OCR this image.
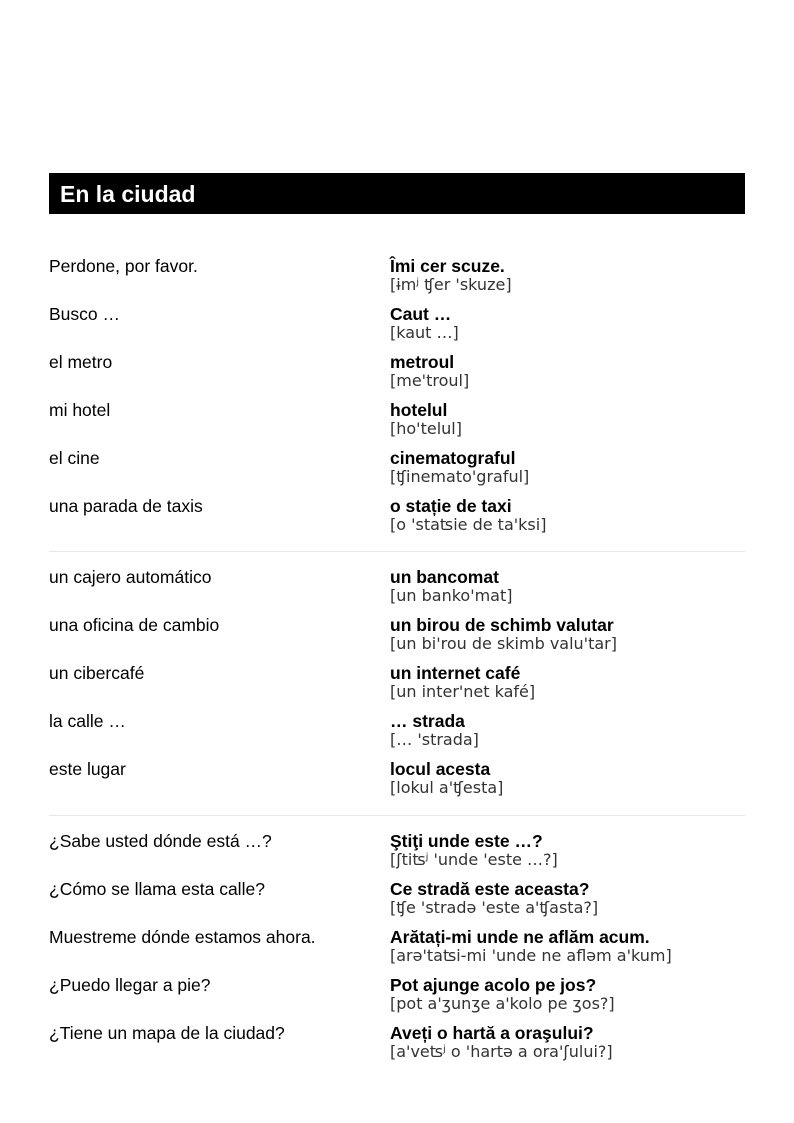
En la ciudad
Perdone, por favor.	Îmi cer scuze.
[ɨmʲ ʧer 'skuze]
Busco …	Caut …
[kaut …]
el metro	metroul
[me'troul]
mi hotel	hotelul
[ho'telul]
el cine	cinematograful
[ʧinemato'graful]
una parada de taxis	o stație de taxi
[o 'staʦie de ta'ksi]
un cajero automático	un bancomat
[un banko'mat]
una oficina de cambio	un birou de schimb valutar
[un bi'rou de skimb valu'tar]
un cibercafé	un internet café
[un inter'net kafé]
la calle …	… strada
[… 'strada]
este lugar	locul acesta
[lokul a'ʧesta]
¿Sabe usted dónde está …?	Ştiţi unde este …?
[ʃtiʦʲ 'unde 'este …?]
¿Cómo se llama esta calle?	Ce stradă este aceasta?
[ʧe 'stradə 'este a'ʧasta?]
Muestreme dónde estamos ahora.	Arătați-mi unde ne aflăm acum.
[arə'taʦi-mi 'unde ne afləm a'kum]
¿Puedo llegar a pie?	Pot ajunge acolo pe jos?
[pot a'ʒunʒe a'kolo pe ʒos?]
¿Tiene un mapa de la ciudad?	Aveți o hartă a oraşului?
[a'veʦʲ o 'hartə a ora'ʃului?]
